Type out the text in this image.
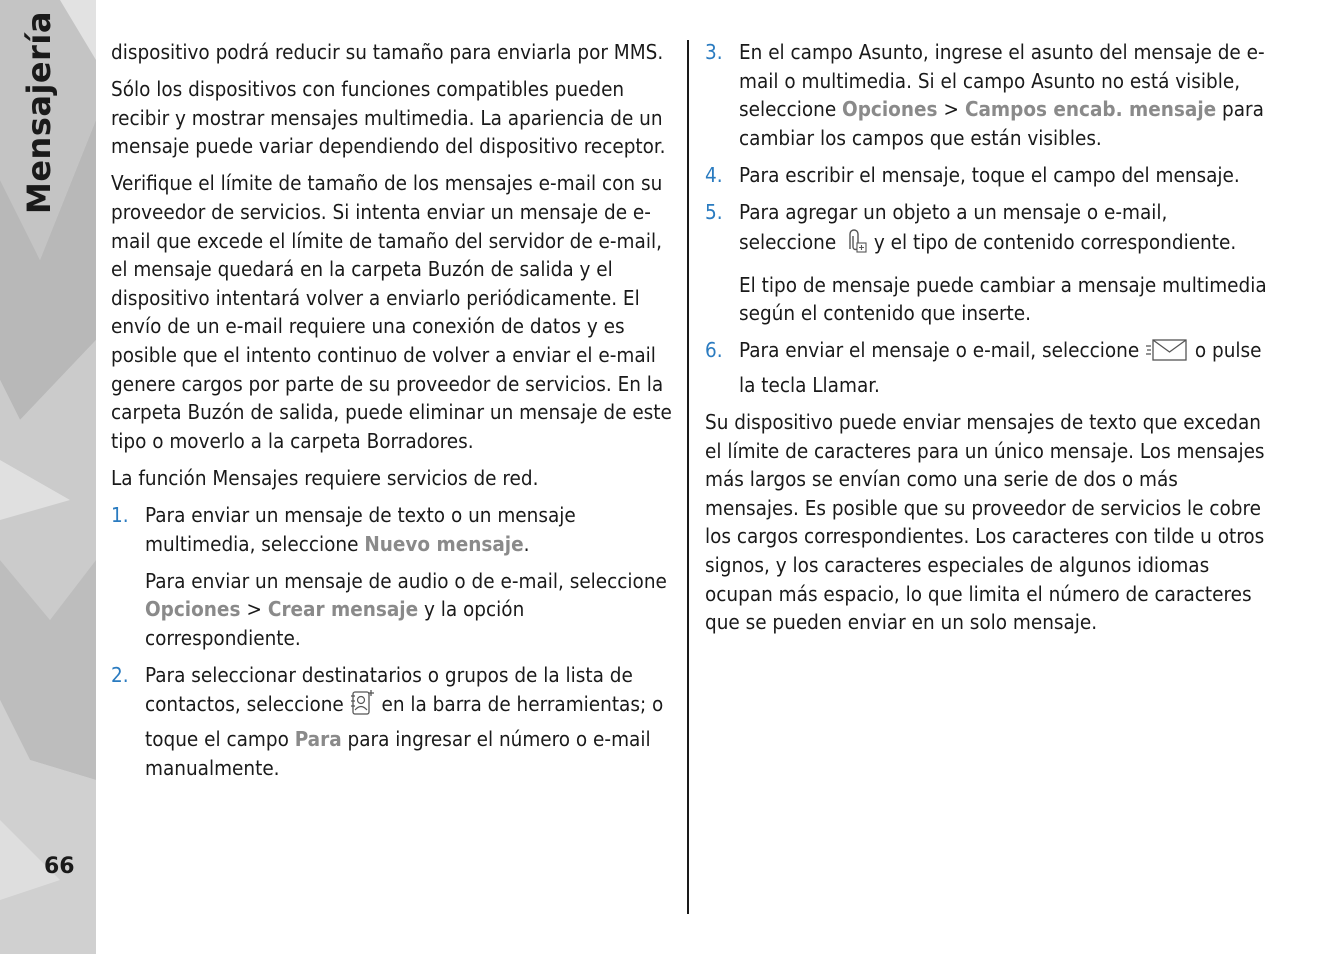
Mensajería
66

dispositivo podrá reducir su tamaño para enviarla por MMS.

Sólo los dispositivos con funciones compatibles pueden recibir y mostrar mensajes multimedia. La apariencia de un mensaje puede variar dependiendo del dispositivo receptor.

Verifique el límite de tamaño de los mensajes e-mail con su proveedor de servicios. Si intenta enviar un mensaje de e-mail que excede el límite de tamaño del servidor de e-mail, el mensaje quedará en la carpeta Buzón de salida y el dispositivo intentará volver a enviarlo periódicamente. El envío de un e-mail requiere una conexión de datos y es posible que el intento continuo de volver a enviar el e-mail genere cargos por parte de su proveedor de servicios. En la carpeta Buzón de salida, puede eliminar un mensaje de este tipo o moverlo a la carpeta Borradores.

La función Mensajes requiere servicios de red.

1. Para enviar un mensaje de texto o un mensaje multimedia, seleccione Nuevo mensaje.

Para enviar un mensaje de audio o de e-mail, seleccione Opciones > Crear mensaje y la opción correspondiente.

2. Para seleccionar destinatarios o grupos de la lista de contactos, seleccione  en la barra de herramientas; o toque el campo Para para ingresar el número o e-mail manualmente.

3. En el campo Asunto, ingrese el asunto del mensaje de e-mail o multimedia. Si el campo Asunto no está visible, seleccione Opciones > Campos encab. mensaje para cambiar los campos que están visibles.

4. Para escribir el mensaje, toque el campo del mensaje.

5. Para agregar un objeto a un mensaje o e-mail, seleccione  y el tipo de contenido correspondiente.

El tipo de mensaje puede cambiar a mensaje multimedia según el contenido que inserte.

6. Para enviar el mensaje o e-mail, seleccione  o pulse la tecla Llamar.

Su dispositivo puede enviar mensajes de texto que excedan el límite de caracteres para un único mensaje. Los mensajes más largos se envían como una serie de dos o más mensajes. Es posible que su proveedor de servicios le cobre los cargos correspondientes. Los caracteres con tilde u otros signos, y los caracteres especiales de algunos idiomas ocupan más espacio, lo que limita el número de caracteres que se pueden enviar en un solo mensaje.
